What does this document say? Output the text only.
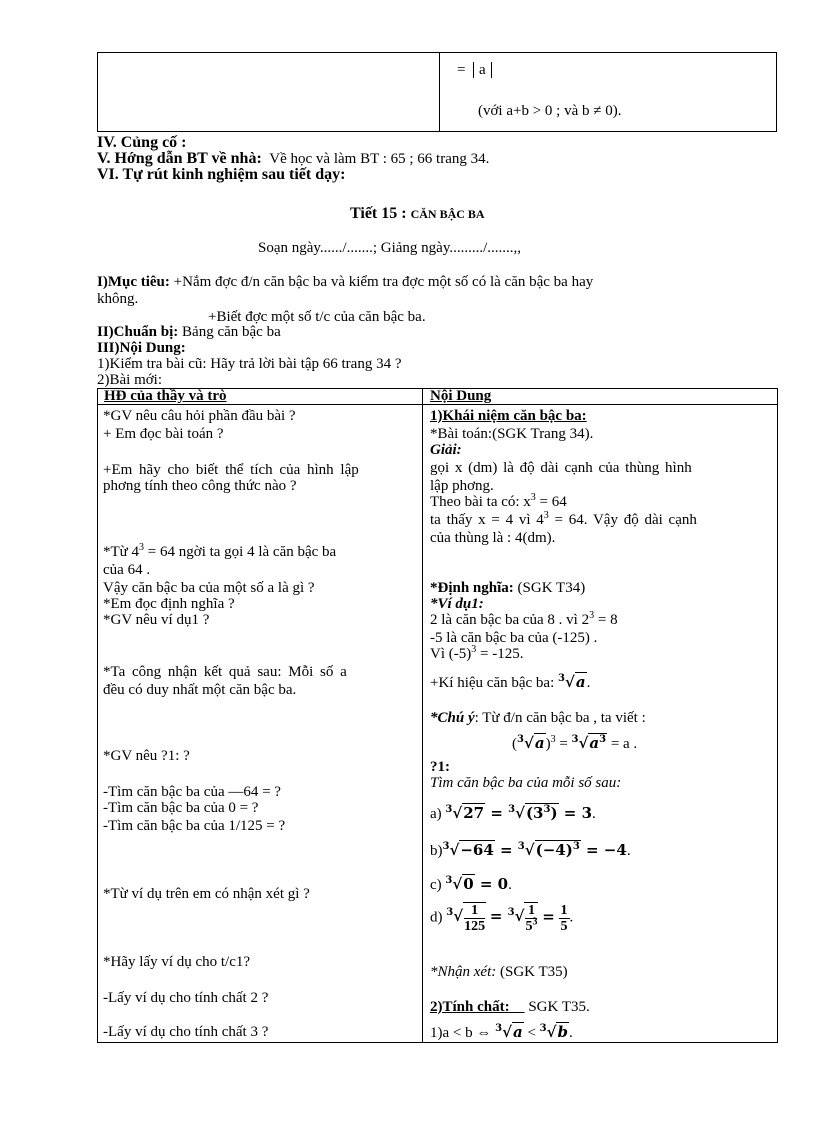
= a
(với a+b > 0 ; và b ≠ 0).
IV. Củng cố :
V. Hớng dẫn BT về nhà: Về học và làm BT : 65 ; 66 trang 34.
VI. Tự rút kinh nghiệm sau tiết dạy:
Tiết 15 : CĂN BẬC BA
Soạn ngày....../.......; Giảng ngày........./.......,,
I)Mục tiêu: +Nắm đợc đ/n căn bậc ba và kiểm tra đợc một số có là căn bậc ba hay
không.
+Biết đợc một số t/c của căn bậc ba.
II)Chuẩn bị: Bảng căn bậc ba
III)Nội Dung:
1)Kiểm tra bài cũ: Hãy trả lời bài tập 66 trang 34 ?
2)Bài mới:
HĐ của thầy và trò	Nội Dung
*GV nêu câu hỏi phần đầu bài ?
+ Em đọc bài toán ?
+Em hãy cho biết thể tích của hình lập
phơng tính theo công thức nào ?
*Từ $4^3 = 64$ ngời ta gọi 4 là căn bậc ba
của 64 .
Vậy căn bậc ba của một số a là gì ?
*Em đọc định nghĩa ?
*GV nêu ví dụ1 ?
*Ta công nhận kết quả sau: Mỗi số a
đều có duy nhất một căn bậc ba.
*GV nêu ?1: ?
-Tìm căn bậc ba của —64 = ?
-Tìm căn bậc ba của 0 = ?
-Tìm căn bậc ba của 1/125 = ?
*Từ ví dụ trên em có nhận xét gì ?
*Hãy lấy ví dụ cho t/c1?
-Lấy ví dụ cho tính chất 2 ?
-Lấy ví dụ cho tính chất 3 ?
1)Khái niệm căn bậc ba:
*Bài toán:(SGK Trang 34).
Giải:
gọi x (dm) là độ dài cạnh của thùng hình
lập phơng.
Theo bài ta có: $x^3 = 64$
ta thấy x = 4 vì $4^3 = 64$. Vậy độ dài cạnh
của thùng là : 4(dm).
*Định nghĩa: (SGK T34)
*Ví dụ1:
2 là căn bậc ba của 8 . vì $2^3 = 8$
-5 là căn bậc ba của (-125) .
Vì $(-5)^3 = -125$.
+Kí hiệu căn bậc ba: $^3$√a.
*Chú ý: Từ đ/n căn bậc ba , ta viết :
$(^3√a)^3 = ^3√a^3 = a$ .
?1:
Tìm căn bậc ba của mỗi số sau:
a) $^3√27 = ^3√(3^3) = 3$.
$b)^3√-64 = ^3√(-4)^3 = -4$.
c) $^3$√0 = 0.
d) $^3√ \frac{1}{125} = ^3√ \frac{1}{5^3} = \frac{1}{5}$ .
*Nhận xét: (SGK T35)
2)Tính chất: SGK T35.
1)a < b ⇔ $^3$√a < $^3$√b.
